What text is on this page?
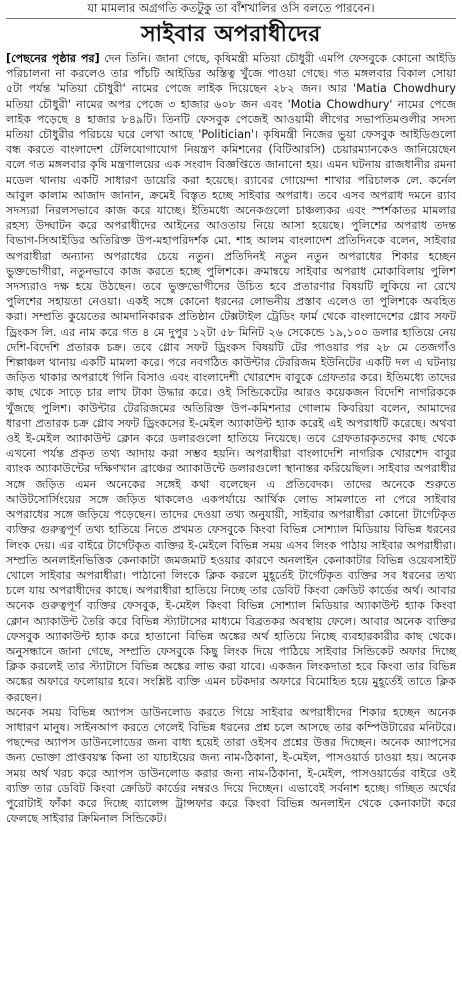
যা মামলার অগ্রগতি কতটুকু তা বাঁশখালির ওসি বলতে পারবেন।
সাইবার অপরাধীদের

[পেছনের পৃষ্ঠার পর] দেন তিনি। জানা গেছে, কৃষিমন্ত্রী মতিয়া চৌধুরী এমপি ফেসবুকে কোনো আইডি পরিচালনা না করলেও তার পাঁচটি আইডির অস্তিত্ব খুঁজে পাওয়া গেছে। গত মঙ্গলবার বিকাল সোয়া ৫টা পর্যন্ত 'মতিয়া চৌধুরী' নামের পেজে লাইক দিয়েছেন ২৮২ জন। আর 'Matia Chowdhury মতিয়া চৌধুরী' নামের অপর পেজে ৩ হাজার ৬০৮ জন এবং 'Motia Chowdhury' নামের পেজে লাইক পড়েছে ৪ হাজার ৮৪৯টি। তিনটি ফেসবুক পেজেই আওয়ামী লীগের সভাপতিমণ্ডলীর সদস্য মতিয়া চৌধুরীর পরিচয়ে ঘরে লেখা আছে 'Politician'। কৃষিমন্ত্রী নিজের ভুয়া ফেসবুক আইডিগুলো বন্ধ করতে বাংলাদেশ টেলিযোগাযোগ নিয়ন্ত্রণ কমিশনের (বিটিআরসি) চেয়ারম্যানকেও জানিয়েছেন বলে গত মঙ্গলবার কৃষি মন্ত্রণালয়ের এক সংবাদ বিজ্ঞপ্তিতে জানানো হয়। এমন ঘটনায় রাজধানীর রমনা মডেল থানায় একটি সাধারণ ডায়েরি করা হয়েছে। র‍্যাবের গোয়েন্দা শাখার পরিচালক লে. কর্নেল আবুল কালাম আজাদ জানান, ক্রমেই বিস্তৃত হচ্ছে সাইবার অপরাধ। তবে এসব অপরাধ দমনে র‍্যাব সদস্যরা নিরলসভাবে কাজ করে যাচ্ছে। ইতিমধ্যে অনেকগুলো চাঞ্চল্যকর এবং স্পর্শকাতর মামলার রহস্য উদ্ঘাটন করে অপরাধীদের আইনের আওতায় নিয়ে আসা হয়েছে। পুলিশের অপরাধ তদন্ত বিভাগ-সিআইডির অতিরিক্ত উপ-মহাপরিদর্শক মো. শাহ আলম বাংলাদেশ প্রতিদিনকে বলেন, সাইবার অপরাধীরা অন্যান্য অপরাধের চেয়ে নতুন। প্রতিদিনই নতুন নতুন অপরাধের শিকার হচ্ছেন ভুক্তভোগীরা, নতুনভাবে কাজ করতে হচ্ছে পুলিশকে। ক্রমান্বয়ে সাইবার অপরাধ মোকাবিলায় পুলিশ সদস্যরাও দক্ষ হয়ে উঠছেন। তবে ভুক্তভোগীদের উচিত হবে প্রতারণার বিষয়টি লুকিয়ে না রেখে পুলিশের সহায়তা নেওয়া। একই সঙ্গে কোনো ধরনের লোভনীয় প্রস্তাব এলেও তা পুলিশকে অবহিত করা। সম্প্রতি কুয়েতের আমদানিকারক প্রতিষ্ঠান টেক্সটাইল ট্রেডিং ফার্ম থেকে বাংলাদেশের গ্লোব সফট ড্রিংকস লি. এর নাম করে গত ৪ মে দুপুর ১২টা ৫৮ মিনিট ২৬ সেকেন্ডে ১৯,১০০ ডলার হাতিয়ে নেয় দেশি-বিদেশি প্রতারক চক্র। তবে গ্লোব সফট ড্রিংকস বিষয়টি টের পাওয়ার পর ২৮ মে তেজগাঁও শিল্পাঞ্চল থানায় একটি মামলা করে। পরে নবগঠিত কাউন্টার টেররিজম ইউনিটের একটি দল এ ঘটনায় জড়িত থাকার অপরাধে গিনি বিসাও এবং বাংলাদেশী খোরশেদ বাবুকে গ্রেফতার করে। ইতিমধ্যে তাদের কাছ থেকে সাড়ে চার লাখ টাকা উদ্ধার করে। ওই সিন্ডিকেটের আরও কয়েকজন বিদেশি নাগরিককে খুঁজছে পুলিশ। কাউন্টার টেররিজমের অতিরিক্ত উপ-কমিশনার গোলাম কিবরিয়া বলেন, আমাদের ধারণা প্রতারক চক্র গ্লোব সফট ড্রিংকসের ই-মেইল অ্যাকাউন্ট হ্যাক করেই এই অপরাধটি করেছে। অথবা ওই ই-মেইল অ্যাকাউন্ট ক্লোন করে ডলারগুলো হাতিয়ে নিয়েছে। তবে গ্রেফতারকৃতদের কাছ থেকে এখনো পর্যন্ত প্রকৃত তথ্য আদায় করা সম্ভব হয়নি। অপরাধীরা বাংলাদেশি নাগরিক খোরশেদ বাবুর ব্যাংক অ্যাকাউন্টের দক্ষিণখান ব্রাঞ্চের অ্যাকাউন্টে ডলারগুলো স্থানান্তর করিয়েছিল। সাইবার অপরাধীর সঙ্গে জড়িত এমন অনেকের সঙ্গেই কথা বলেছেন এ প্রতিবেদক। তাদের অনেকে শুরুতে আউটসোর্সিংয়ের সঙ্গে জড়িত থাকলেও একপর্যায়ে আর্থিক লোভ সামলাতে না পেরে সাইবার অপরাধের সঙ্গে জড়িয়ে পড়েছেন। তাদের দেওয়া তথ্য অনুযায়ী, সাইবার অপরাধীরা কোনো টার্গেটকৃত ব্যক্তির গুরুত্বপূর্ণ তথ্য হাতিয়ে নিতে প্রথমত ফেসবুকে কিংবা বিভিন্ন সোশ্যাল মিডিয়ায় বিভিন্ন ধরনের লিংক দেয়। এর বাইরে টার্গেটকৃত ব্যক্তির ই-মেইলে বিভিন্ন সময় এসব লিংক পাঠায় সাইবার অপরাধীরা। সম্প্রতি অনলাইনভিত্তিক কেনাকাটা জমজমাট হওয়ার কারণে অনলাইন কেনাকাটার বিভিন্ন ওয়েবসাইট খোলে সাইবার অপরাধীরা। পাঠানো লিংকে ক্লিক করলে মুহূর্তেই টার্গেটকৃত ব্যক্তির সব ধরনের তথ্য চলে যায় অপরাধীদের কাছে। অপরাধীরা হাতিয়ে নিচ্ছে তার ডেবিট কিংবা ক্রেডিট কার্ডের অর্থ। আবার অনেক গুরুত্বপূর্ণ ব্যক্তির ফেসবুক, ই-মেইল কিংবা বিভিন্ন সোশ্যাল মিডিয়ার অ্যাকাউন্ট হ্যাক কিংবা ক্লোন অ্যাকাউন্ট তৈরি করে বিভিন্ন স্ট্যাটাসের মাধ্যমে বিব্রতকর অবস্থায় ফেলে। আবার অনেক ব্যক্তির ফেসবুক অ্যাকাউন্ট হ্যাক করে হাতানো বিভিন্ন অঙ্কের অর্থ হাতিয়ে নিচ্ছে ব্যবহারকারীর কাছ থেকে। অনুসন্ধানে জানা গেছে, সম্প্রতি ফেসবুকে কিছু লিংক দিয়ে পাঠিয়ে সাইবার সিন্ডিকেট অফার দিচ্ছে ক্লিক করলেই তার স্ট্যাটাসে বিভিন্ন অঙ্কের লাভ করা যাবে। একজন লিংকদাতা হবে কিংবা তার বিভিন্ন অঙ্কের অফারে ফলোয়ার হবে। সংশ্লিষ্ট ব্যক্তি এমন চটকদার অফারে বিমোহিত হয়ে মুহূর্তেই তাতে ক্লিক করছেন।

অনেক সময় বিভিন্ন অ্যাপস ডাউনলোড করতে গিয়ে সাইবার অপরাধীদের শিকার হচ্ছেন অনেক সাধারণ মানুষ। সাইনআপ করতে গেলেই বিভিন্ন ধরনের প্রশ্ন চলে আসছে তার কম্পিউটারের মনিটরে। পছন্দের অ্যাপস ডাউনলোডের জন্য বাধ্য হয়েই তারা ওইসব প্রশ্নের উত্তর দিচ্ছেন। অনেক অ্যাপসের জন্য ভোক্তা প্রাপ্তবয়স্ক কিনা তা যাচাইয়ের জন্য নাম-ঠিকানা, ই-মেইল, পাসওয়ার্ড চাওয়া হয়। অনেক সময় অর্থ খরচ করে অ্যাপস ডাউনলোড করার জন্য নাম-ঠিকানা, ই-মেইল, পাসওয়ার্ডের বাইরে ওই ব্যক্তি তার ডেবিট কিংবা ক্রেডিট কার্ডের নম্বরও দিয়ে দিচ্ছেন। এভাবেই সর্বনাশ হচ্ছে। গচ্ছিত অর্থের পুরোটাই ফাঁকা করে দিচ্ছে ব্যালেন্স ট্রান্সফার করে কিংবা বিভিন্ন অনলাইন থেকে কেনাকাটা করে ফেলছে সাইবার ক্রিমিনাল সিন্ডিকেট।
